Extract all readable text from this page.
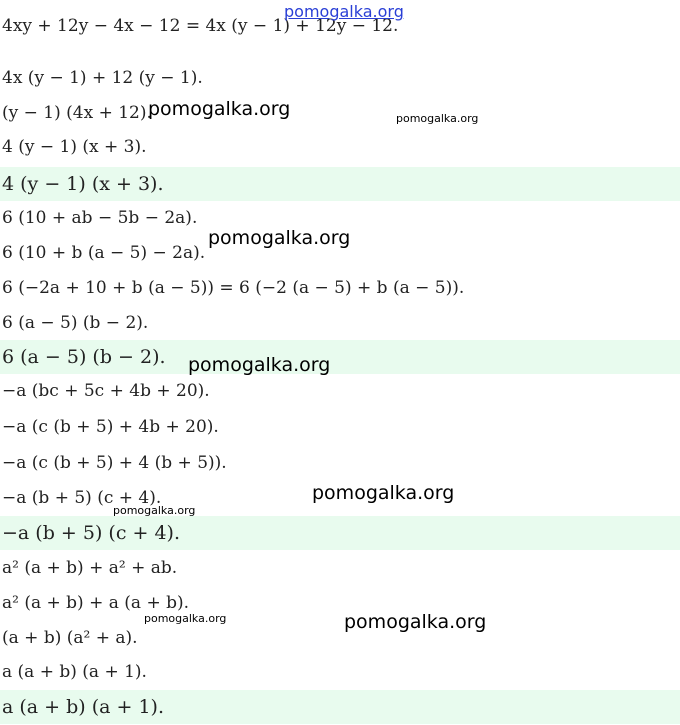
4xy + 12y − 4x − 12 = 4x (y − 1) + 12y − 12.
4x (y − 1) + 12 (y − 1).
(y − 1) (4x + 12).
4 (y − 1) (x + 3).
4 (y − 1) (x + 3).
6 (10 + ab − 5b − 2a).
6 (10 + b (a − 5) − 2a).
6 (−2a + 10 + b (a − 5)) = 6 (−2 (a − 5) + b (a − 5)).
6 (a − 5) (b − 2).
6 (a − 5) (b − 2).
−a (bc + 5c + 4b + 20).
−a (c (b + 5) + 4b + 20).
−a (c (b + 5) + 4 (b + 5)).
−a (b + 5) (c + 4).
−a (b + 5) (c + 4).
a² (a + b) + a² + ab.
a² (a + b) + a (a + b).
(a + b) (a² + a).
a (a + b) (a + 1).
a (a + b) (a + 1).
pomogalka.org
pomogalka.org	pomogalka.org
pomogalka.org
pomogalka.org
pomogalka.org
pomogalka.org
pomogalka.org	pomogalka.org
